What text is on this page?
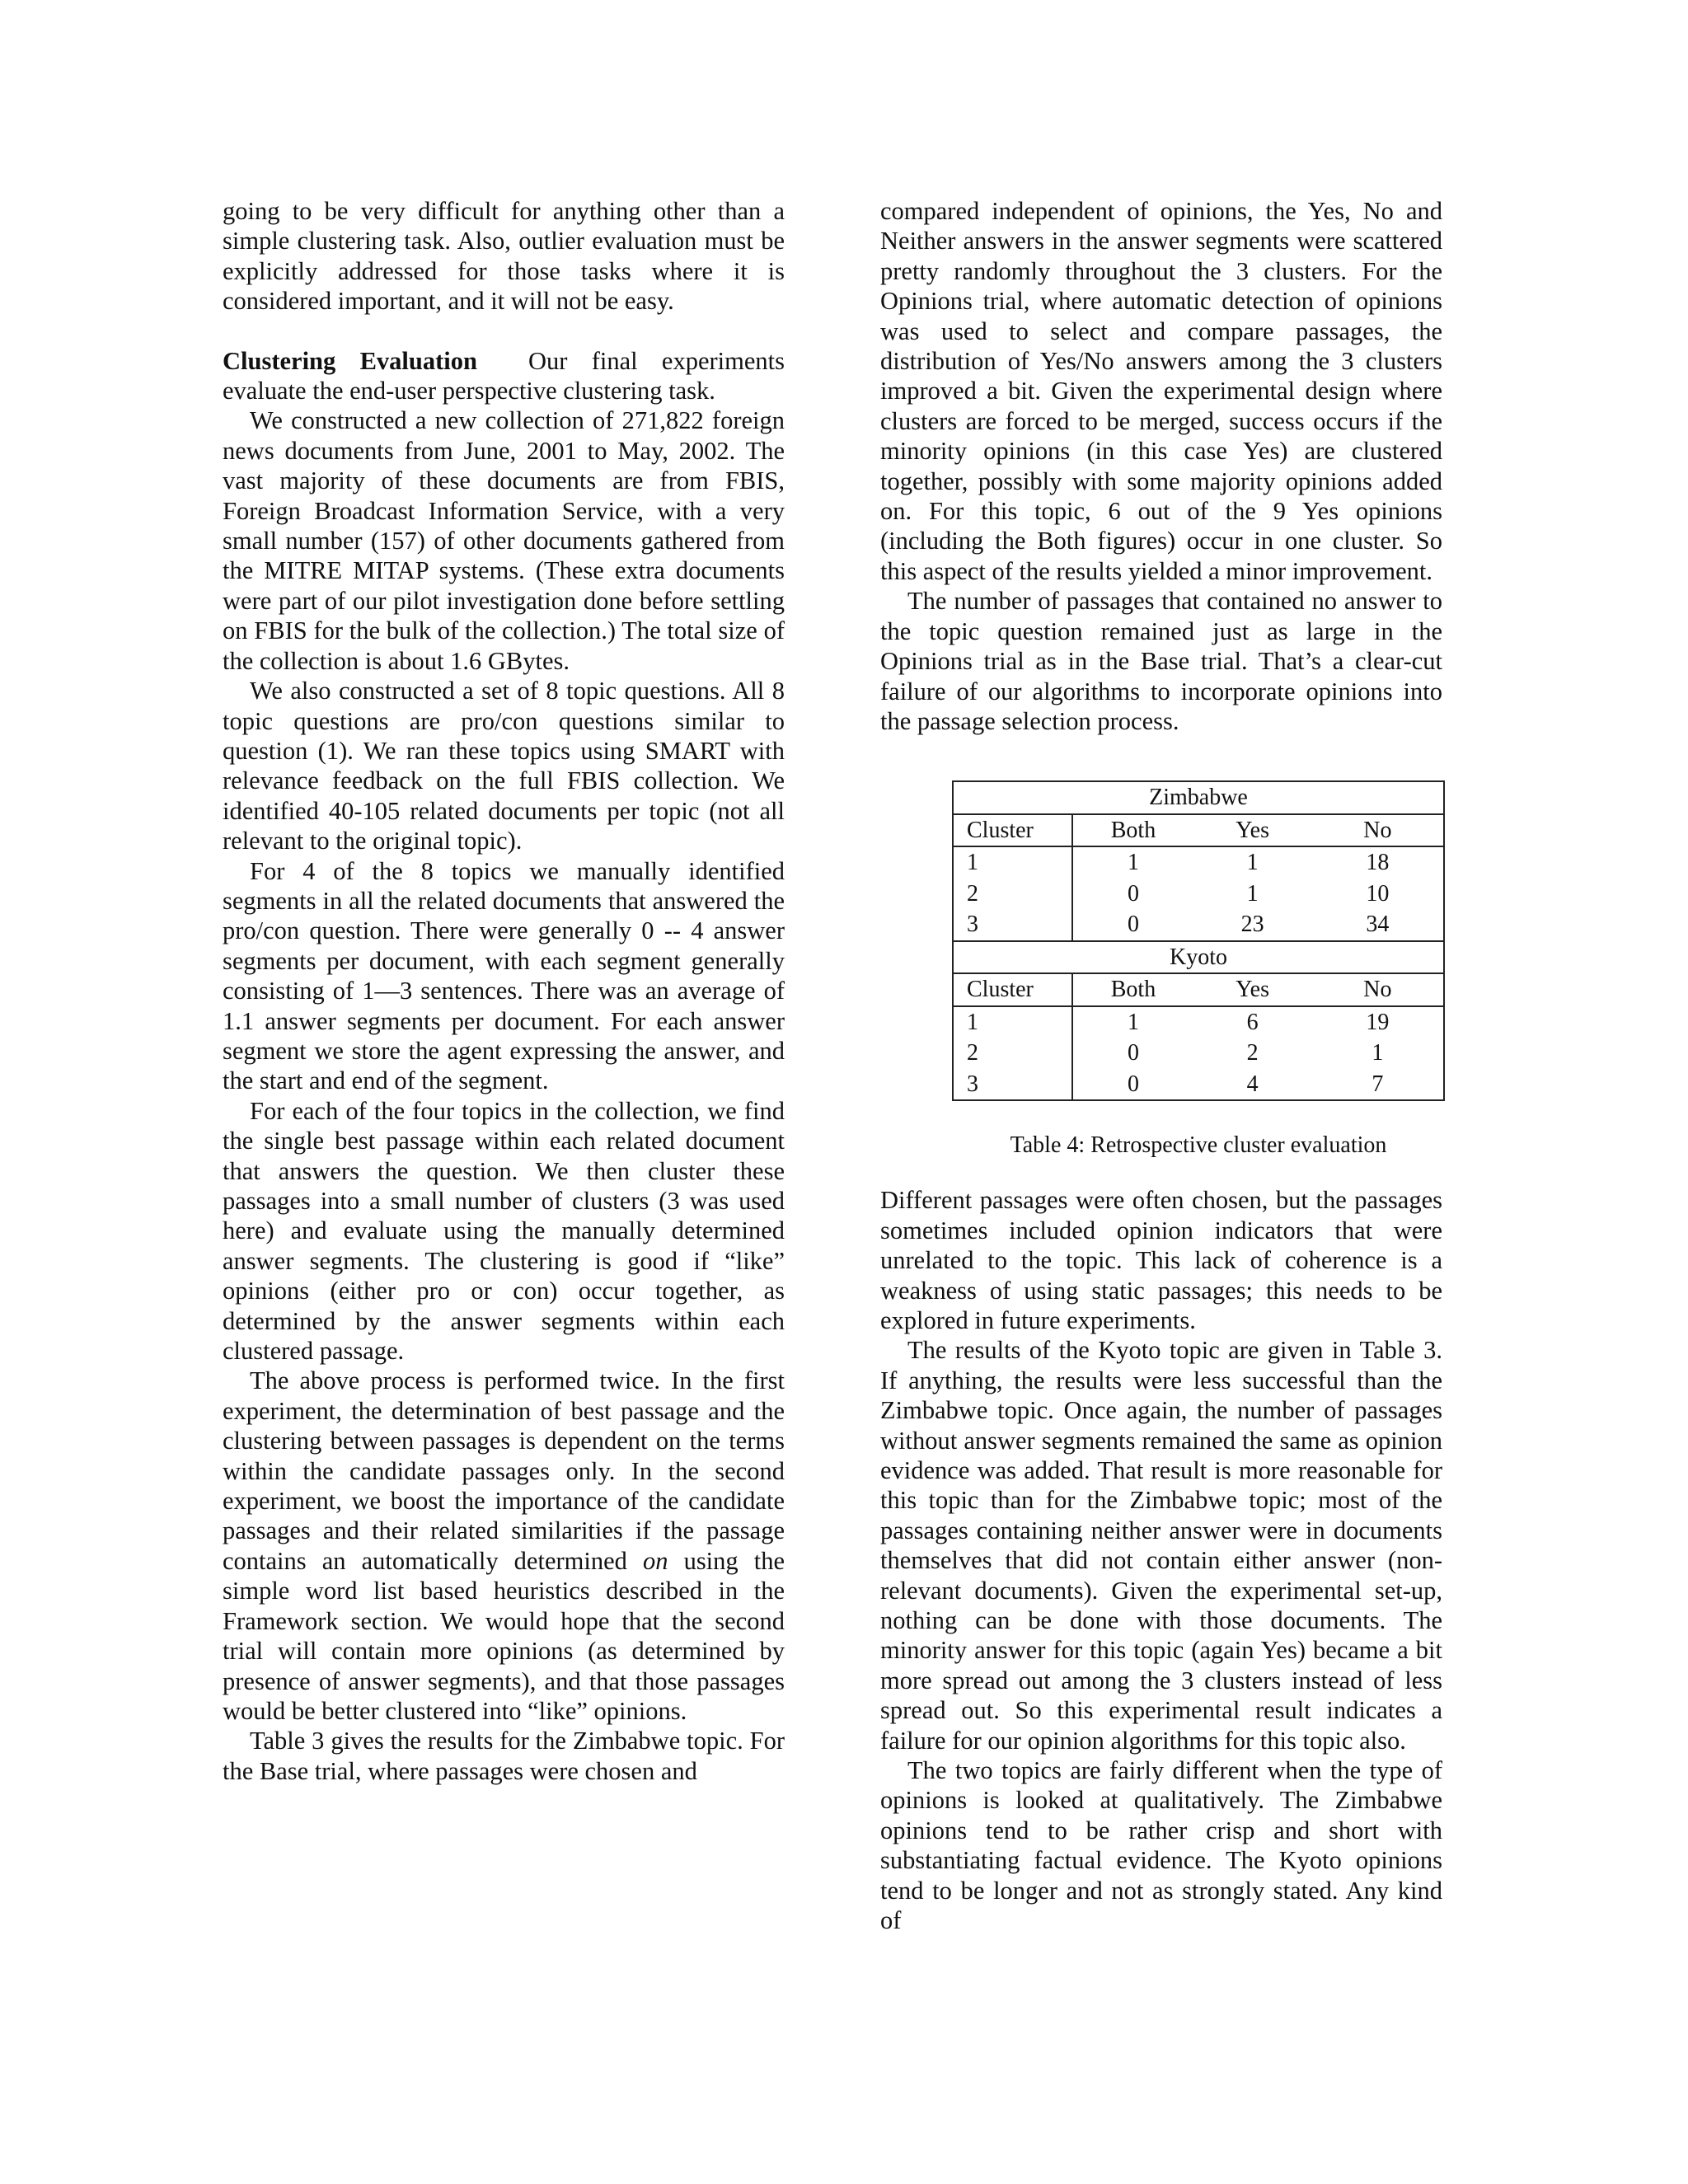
going to be very difficult for anything other than a simple clustering task. Also, outlier evaluation must be explicitly addressed for those tasks where it is considered important, and it will not be easy.

Clustering Evaluation Our final experiments evaluate the end-user perspective clustering task.

We constructed a new collection of 271,822 foreign news documents from June, 2001 to May, 2002. The vast majority of these documents are from FBIS, Foreign Broadcast Information Service, with a very small number (157) of other documents gathered from the MITRE MITAP systems. (These extra documents were part of our pilot investigation done before settling on FBIS for the bulk of the collection.) The total size of the collection is about 1.6 GBytes.

We also constructed a set of 8 topic questions. All 8 topic questions are pro/con questions similar to question (1). We ran these topics using SMART with relevance feedback on the full FBIS collection. We identified 40-105 related documents per topic (not all relevant to the original topic).

For 4 of the 8 topics we manually identified segments in all the related documents that answered the pro/con question. There were generally 0 -- 4 answer segments per document, with each segment generally consisting of 1—3 sentences. There was an average of 1.1 answer segments per document. For each answer segment we store the agent expressing the answer, and the start and end of the segment.

For each of the four topics in the collection, we find the single best passage within each related document that answers the question. We then cluster these passages into a small number of clusters (3 was used here) and evaluate using the manually determined answer segments. The clustering is good if “like” opinions (either pro or con) occur together, as determined by the answer segments within each clustered passage.

The above process is performed twice. In the first experiment, the determination of best passage and the clustering between passages is dependent on the terms within the candidate passages only. In the second experiment, we boost the importance of the candidate passages and their related similarities if the passage contains an automatically determined on using the simple word list based heuristics described in the Framework section. We would hope that the second trial will contain more opinions (as determined by presence of answer segments), and that those passages would be better clustered into “like” opinions.

Table 3 gives the results for the Zimbabwe topic. For the Base trial, where passages were chosen and

compared independent of opinions, the Yes, No and Neither answers in the answer segments were scattered pretty randomly throughout the 3 clusters. For the Opinions trial, where automatic detection of opinions was used to select and compare passages, the distribution of Yes/No answers among the 3 clusters improved a bit. Given the experimental design where clusters are forced to be merged, success occurs if the minority opinions (in this case Yes) are clustered together, possibly with some majority opinions added on. For this topic, 6 out of the 9 Yes opinions (including the Both figures) occur in one cluster. So this aspect of the results yielded a minor improvement.

The number of passages that contained no answer to the topic question remained just as large in the Opinions trial as in the Base trial. That’s a clear-cut failure of our algorithms to incorporate opinions into the passage selection process.

Zimbabwe			
Cluster	Both	Yes	No
1	1	1	18
2	0	1	10
3	0	23	34
Kyoto			
Cluster	Both	Yes	No
1	1	6	19
2	0	2	1
3	0	4	7
Table 4: Retrospective cluster evaluation

Different passages were often chosen, but the passages sometimes included opinion indicators that were unrelated to the topic. This lack of coherence is a weakness of using static passages; this needs to be explored in future experiments.

The results of the Kyoto topic are given in Table 3. If anything, the results were less successful than the Zimbabwe topic. Once again, the number of passages without answer segments remained the same as opinion evidence was added. That result is more reasonable for this topic than for the Zimbabwe topic; most of the passages containing neither answer were in documents themselves that did not contain either answer (non-relevant documents). Given the experimental set-up, nothing can be done with those documents. The minority answer for this topic (again Yes) became a bit more spread out among the 3 clusters instead of less spread out. So this experimental result indicates a failure for our opinion algorithms for this topic also.

The two topics are fairly different when the type of opinions is looked at qualitatively. The Zimbabwe opinions tend to be rather crisp and short with substantiating factual evidence. The Kyoto opinions tend to be longer and not as strongly stated. Any kind of
